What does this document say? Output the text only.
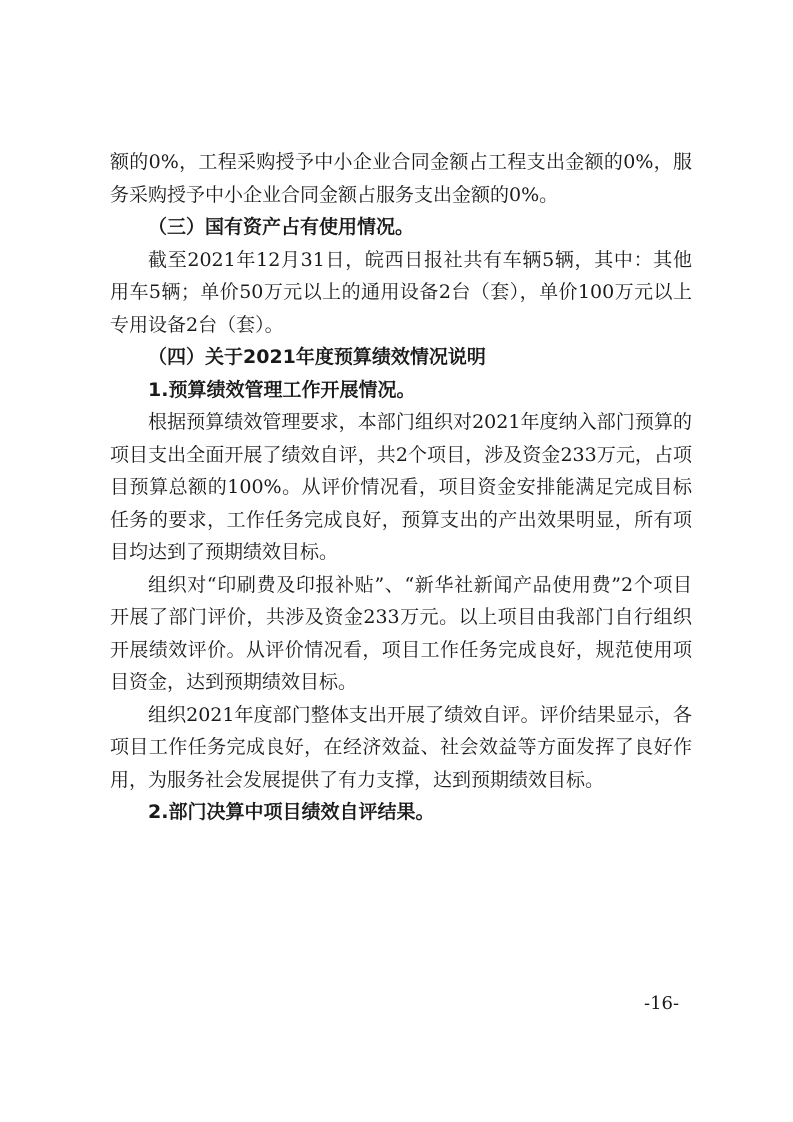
额的0%，工程采购授予中小企业合同金额占工程支出金额的0%，服务采购授予中小企业合同金额占服务支出金额的0%。

（三）国有资产占有使用情况。

截至2021年12月31日，皖西日报社共有车辆5辆，其中：其他用车5辆；单价50万元以上的通用设备2台（套），单价100万元以上专用设备2台（套）。

（四）关于2021年度预算绩效情况说明

1.预算绩效管理工作开展情况。

根据预算绩效管理要求，本部门组织对2021年度纳入部门预算的项目支出全面开展了绩效自评，共2个项目，涉及资金233万元，占项目预算总额的100%。从评价情况看，项目资金安排能满足完成目标任务的要求，工作任务完成良好，预算支出的产出效果明显，所有项目均达到了预期绩效目标。

组织对“印刷费及印报补贴”、“新华社新闻产品使用费”2个项目开展了部门评价，共涉及资金233万元。以上项目由我部门自行组织开展绩效评价。从评价情况看，项目工作任务完成良好，规范使用项目资金，达到预期绩效目标。

组织2021年度部门整体支出开展了绩效自评。评价结果显示，各项目工作任务完成良好，在经济效益、社会效益等方面发挥了良好作用，为服务社会发展提供了有力支撑，达到预期绩效目标。

2.部门决算中项目绩效自评结果。

-16-
